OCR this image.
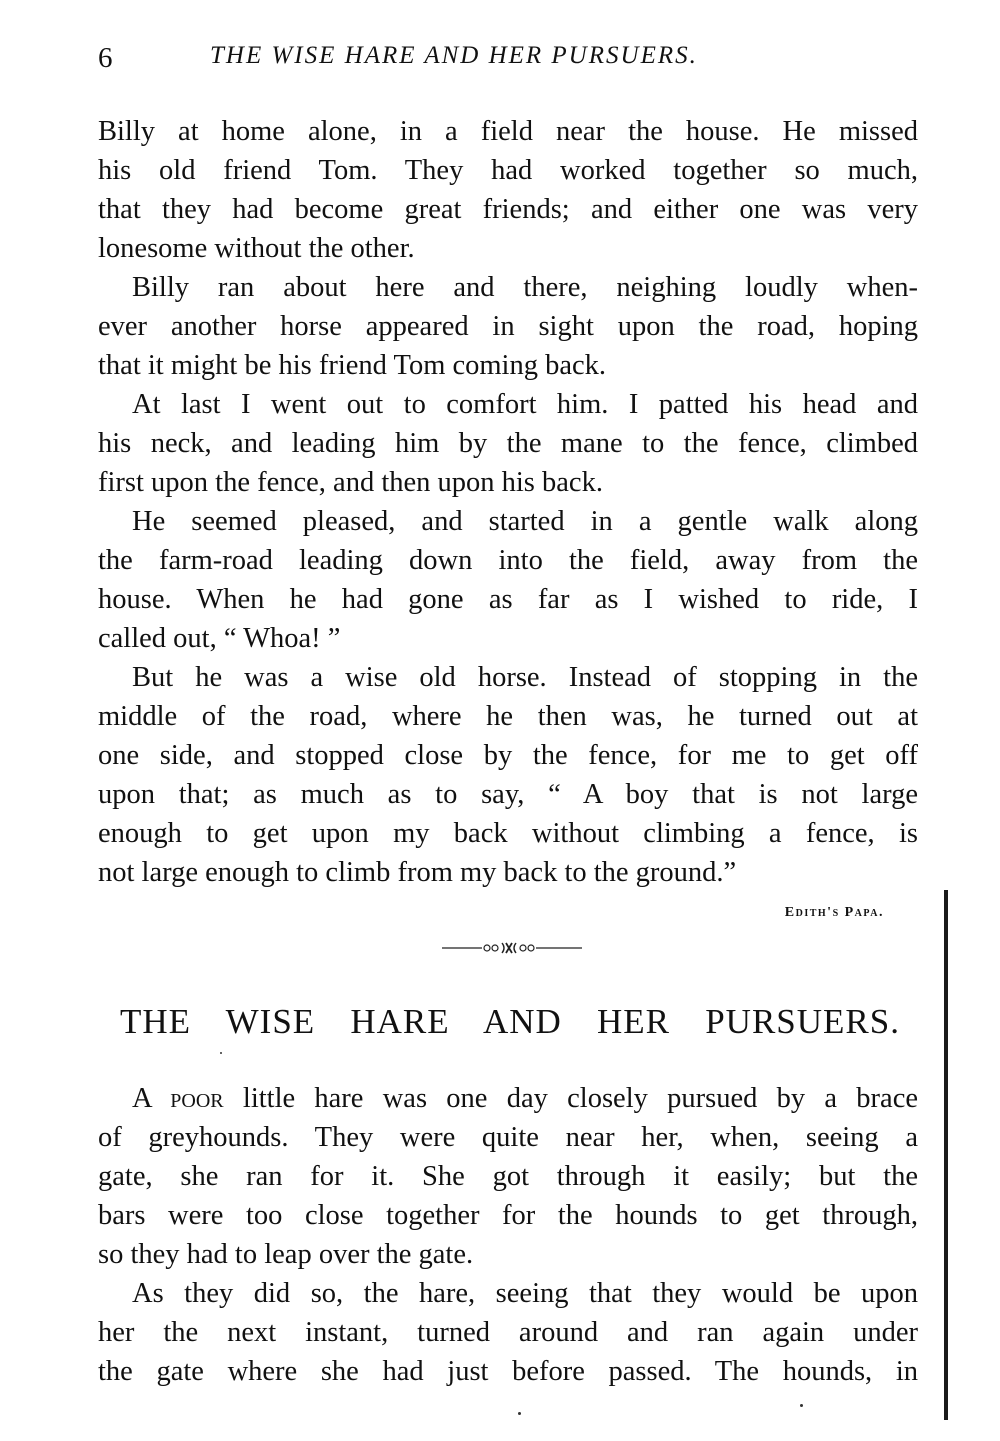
6	THE WISE HARE AND HER PURSUERS.
Billy at home alone, in a field near the house. He missed
his old friend Tom. They had worked together so much,
that they had become great friends; and either one was very
lonesome without the other.
Billy ran about here and there, neighing loudly when-
ever another horse appeared in sight upon the road, hoping
that it might be his friend Tom coming back.
At last I went out to comfort him. I patted his head and
his neck, and leading him by the mane to the fence, climbed
first upon the fence, and then upon his back.
He seemed pleased, and started in a gentle walk along
the farm-road leading down into the field, away from the
house. When he had gone as far as I wished to ride, I
called out, “ Whoa! ”
But he was a wise old horse. Instead of stopping in the
middle of the road, where he then was, he turned out at
one side, and stopped close by the fence, for me to get off
upon that; as much as to say, “ A boy that is not large
enough to get upon my back without climbing a fence, is
not large enough to climb from my back to the ground.”
Edith's Papa.
THE WISE HARE AND HER PURSUERS.
A poor little hare was one day closely pursued by a brace
of greyhounds. They were quite near her, when, seeing a
gate, she ran for it. She got through it easily; but the
bars were too close together for the hounds to get through,
so they had to leap over the gate.
As they did so, the hare, seeing that they would be upon
her the next instant, turned around and ran again under
the gate where she had just before passed. The hounds, in
